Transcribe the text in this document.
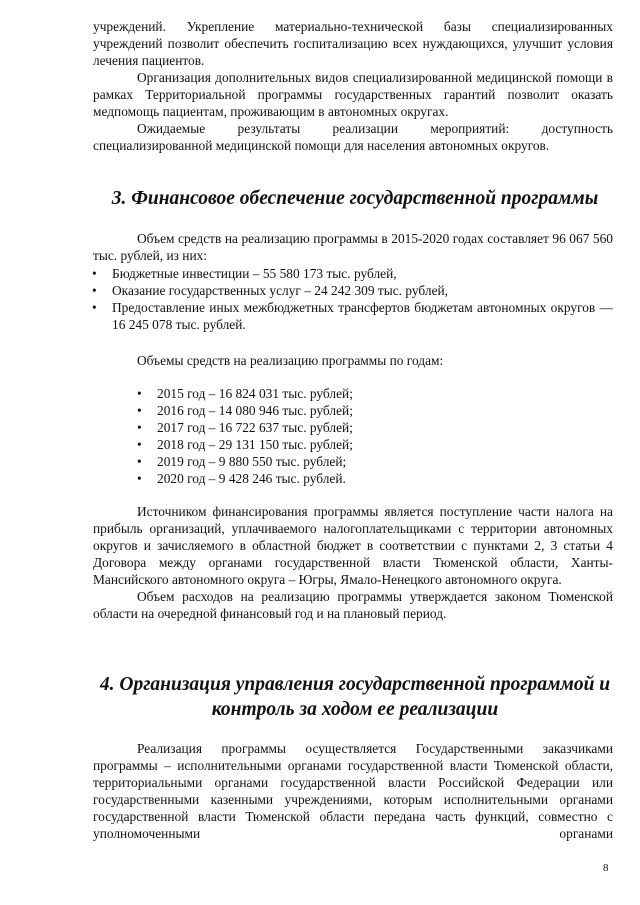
учреждений. Укрепление материально-технической базы специализированных учреждений позволит обеспечить госпитализацию всех нуждающихся, улучшит условия лечения пациентов.

Организация дополнительных видов специализированной медицинской помощи в рамках Территориальной программы государственных гарантий позволит оказать медпомощь пациентам, проживающим в автономных округах.

Ожидаемые результаты реализации мероприятий: доступность специализированной медицинской помощи для населения автономных округов.

3. Финансовое обеспечение государственной программы

Объем средств на реализацию программы в 2015-2020 годах составляет 96 067 560 тыс. рублей, из них:

• Бюджетные инвестиции – 55 580 173 тыс. рублей,
• Оказание государственных услуг – 24 242 309 тыс. рублей,
• Предоставление иных межбюджетных трансфертов бюджетам автономных округов — 16 245 078 тыс. рублей.
Объемы средств на реализацию программы по годам:
• 2015 год – 16 824 031 тыс. рублей;
• 2016 год – 14 080 946 тыс. рублей;
• 2017 год – 16 722 637 тыс. рублей;
• 2018 год – 29 131 150 тыс. рублей;
• 2019 год – 9 880 550 тыс. рублей;
• 2020 год – 9 428 246 тыс. рублей.

Источником финансирования программы является поступление части налога на прибыль организаций, уплачиваемого налогоплательщиками с территории автономных округов и зачисляемого в областной бюджет в соответствии с пунктами 2, 3 статьи 4 Договора между органами государственной власти Тюменской области, Ханты-Мансийского автономного округа – Югры, Ямало-Ненецкого автономного округа.

Объем расходов на реализацию программы утверждается законом Тюменской области на очередной финансовый год и на плановый период.

4. Организация управления государственной программой и
контроль за ходом ее реализации

Реализация программы осуществляется Государственными заказчиками программы – исполнительными органами государственной власти Тюменской области, территориальными органами государственной власти Российской Федерации или государственными казенными учреждениями, которым исполнительными органами государственной власти Тюменской области передана часть функций, совместно с уполномоченными органами

8
